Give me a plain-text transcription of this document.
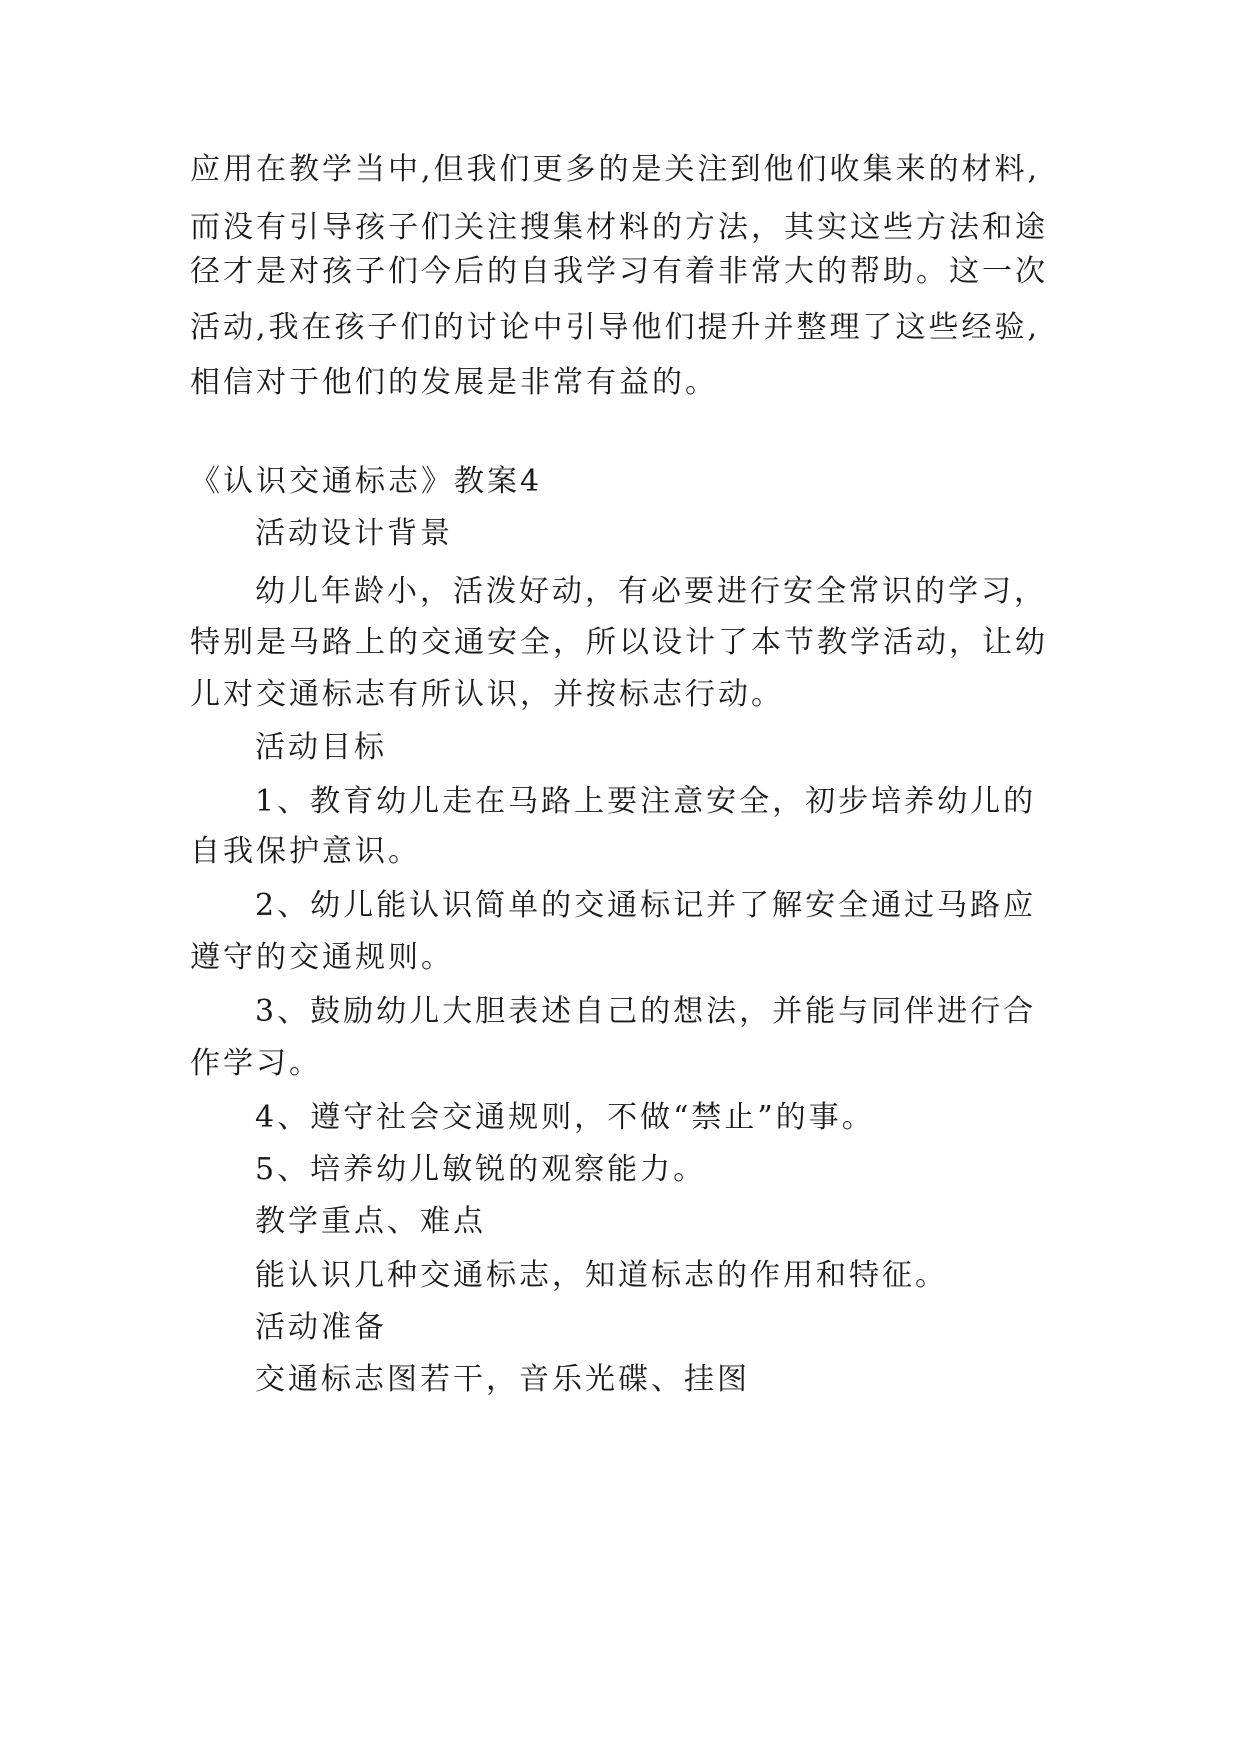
应用在教学当中,但我们更多的是关注到他们收集来的材料,
而没有引导孩子们关注搜集材料的方法，其实这些方法和途
径才是对孩子们今后的自我学习有着非常大的帮助。这一次
活动,我在孩子们的讨论中引导他们提升并整理了这些经验,
相信对于他们的发展是非常有益的。
《认识交通标志》教案4
活动设计背景
幼儿年龄小，活泼好动，有必要进行安全常识的学习，
特别是马路上的交通安全，所以设计了本节教学活动，让幼
儿对交通标志有所认识，并按标志行动。
活动目标
1、教育幼儿走在马路上要注意安全，初步培养幼儿的
自我保护意识。
2、幼儿能认识简单的交通标记并了解安全通过马路应
遵守的交通规则。
3、鼓励幼儿大胆表述自己的想法，并能与同伴进行合
作学习。
4、遵守社会交通规则，不做“禁止”的事。
5、培养幼儿敏锐的观察能力。
教学重点、难点
能认识几种交通标志，知道标志的作用和特征。
活动准备
交通标志图若干，音乐光碟、挂图
